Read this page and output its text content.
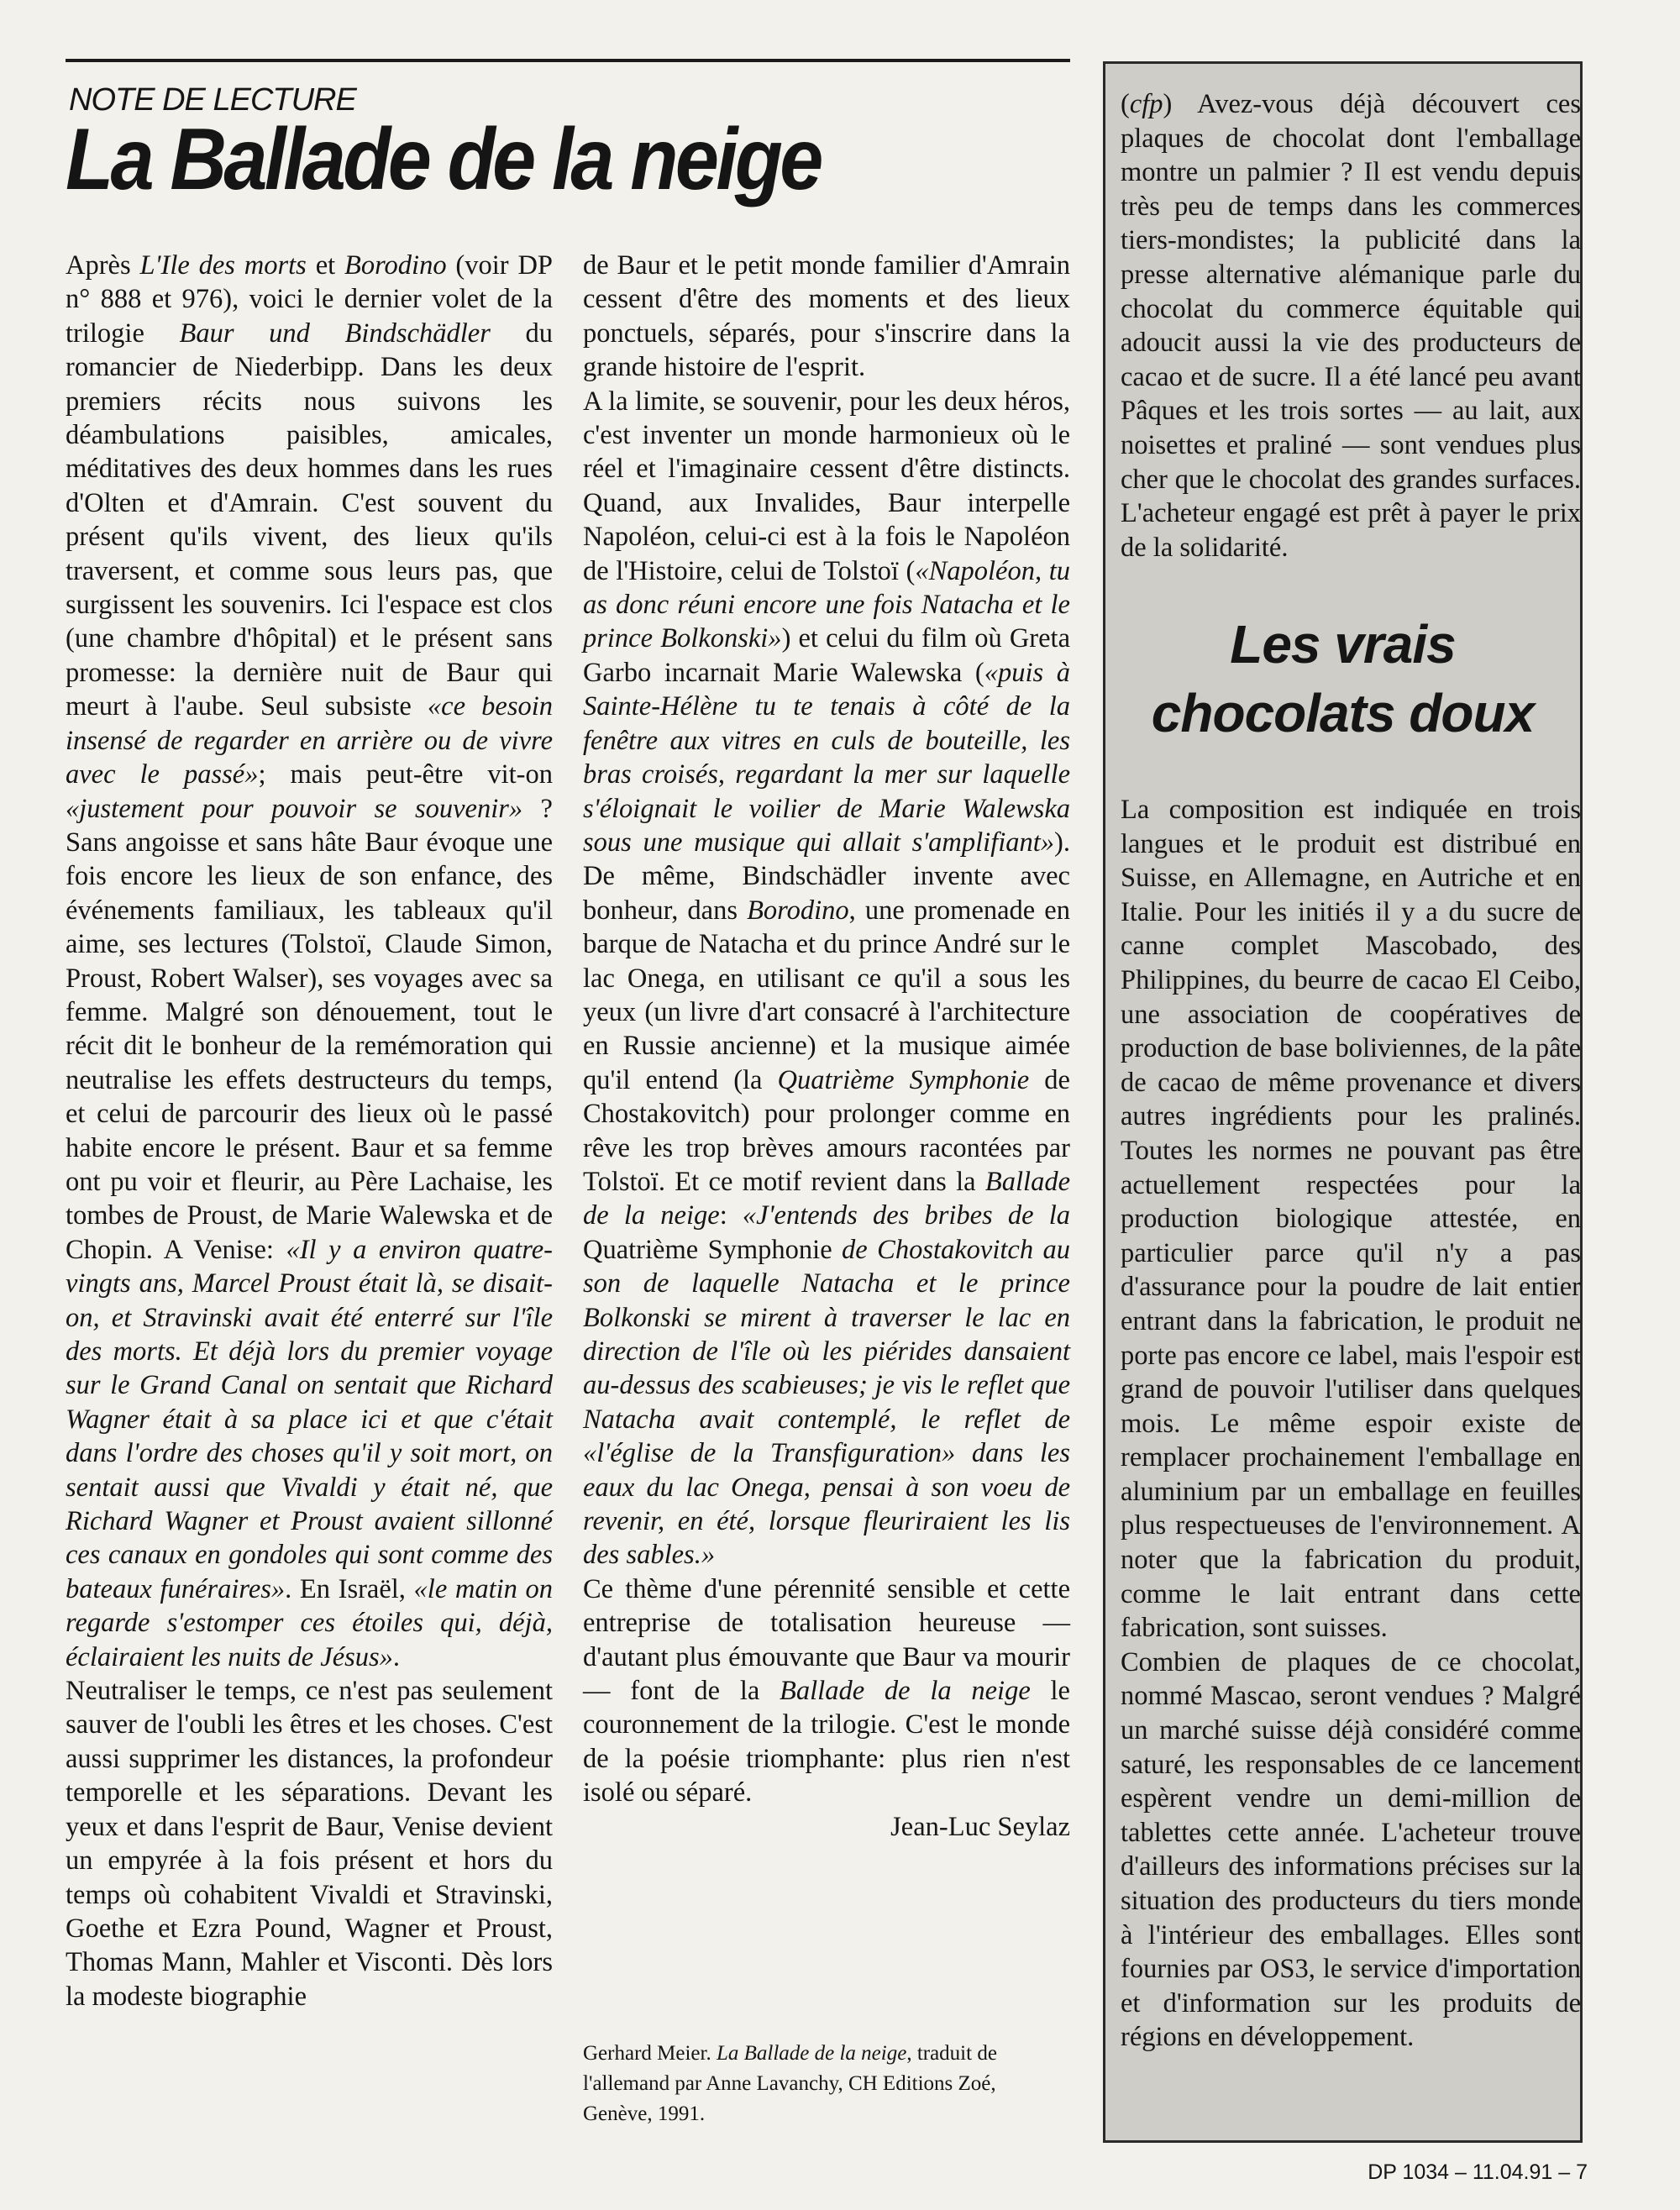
NOTE DE LECTURE
La Ballade de la neige

Après L'Ile des morts et Borodino (voir DP n° 888 et 976), voici le dernier volet de la trilogie Baur und Bindschädler du romancier de Niederbipp. Dans les deux premiers récits nous suivons les déambulations paisibles, amicales, méditatives des deux hommes dans les rues d'Olten et d'Amrain. C'est souvent du présent qu'ils vivent, des lieux qu'ils traversent, et comme sous leurs pas, que surgissent les souvenirs. Ici l'espace est clos (une chambre d'hôpital) et le présent sans promesse: la dernière nuit de Baur qui meurt à l'aube. Seul subsiste «ce besoin insensé de regarder en arrière ou de vivre avec le passé»; mais peut-être vit-on «justement pour pouvoir se souvenir» ? Sans angoisse et sans hâte Baur évoque une fois encore les lieux de son enfance, des événements familiaux, les tableaux qu'il aime, ses lectures (Tolstoï, Claude Simon, Proust, Robert Walser), ses voyages avec sa femme. Malgré son dénouement, tout le récit dit le bonheur de la remémoration qui neutralise les effets destructeurs du temps, et celui de parcourir des lieux où le passé habite encore le présent. Baur et sa femme ont pu voir et fleurir, au Père Lachaise, les tombes de Proust, de Marie Walewska et de Chopin. A Venise: «Il y a environ quatre-vingts ans, Marcel Proust était là, se disait-on, et Stravinski avait été enterré sur l'île des morts. Et déjà lors du premier voyage sur le Grand Canal on sentait que Richard Wagner était à sa place ici et que c'était dans l'ordre des choses qu'il y soit mort, on sentait aussi que Vivaldi y était né, que Richard Wagner et Proust avaient sillonné ces canaux en gondoles qui sont comme des bateaux funéraires». En Israël, «le matin on regarde s'estomper ces étoiles qui, déjà, éclairaient les nuits de Jésus».

Neutraliser le temps, ce n'est pas seulement sauver de l'oubli les êtres et les choses. C'est aussi supprimer les distances, la profondeur temporelle et les séparations. Devant les yeux et dans l'esprit de Baur, Venise devient un empyrée à la fois présent et hors du temps où cohabitent Vivaldi et Stravinski, Goethe et Ezra Pound, Wagner et Proust, Thomas Mann, Mahler et Visconti. Dès lors la modeste biographie

de Baur et le petit monde familier d'Amrain cessent d'être des moments et des lieux ponctuels, séparés, pour s'inscrire dans la grande histoire de l'esprit.

A la limite, se souvenir, pour les deux héros, c'est inventer un monde harmonieux où le réel et l'imaginaire cessent d'être distincts. Quand, aux Invalides, Baur interpelle Napoléon, celui-ci est à la fois le Napoléon de l'Histoire, celui de Tolstoï («Napoléon, tu as donc réuni encore une fois Natacha et le prince Bolkonski») et celui du film où Greta Garbo incarnait Marie Walewska («puis à Sainte-Hélène tu te tenais à côté de la fenêtre aux vitres en culs de bouteille, les bras croisés, regardant la mer sur laquelle s'éloignait le voilier de Marie Walewska sous une musique qui allait s'amplifiant»). De même, Bindschädler invente avec bonheur, dans Borodino, une promenade en barque de Natacha et du prince André sur le lac Onega, en utilisant ce qu'il a sous les yeux (un livre d'art consacré à l'architecture en Russie ancienne) et la musique aimée qu'il entend (la Quatrième Symphonie de Chostakovitch) pour prolonger comme en rêve les trop brèves amours racontées par Tolstoï. Et ce motif revient dans la Ballade de la neige: «J'entends des bribes de la Quatrième Symphonie de Chostakovitch au son de laquelle Natacha et le prince Bolkonski se mirent à traverser le lac en direction de l'île où les piérides dansaient au-dessus des scabieuses; je vis le reflet que Natacha avait contemplé, le reflet de «l'église de la Transfiguration» dans les eaux du lac Onega, pensai à son voeu de revenir, en été, lorsque fleuriraient les lis des sables.»

Ce thème d'une pérennité sensible et cette entreprise de totalisation heureuse — d'autant plus émouvante que Baur va mourir — font de la Ballade de la neige le couronnement de la trilogie. C'est le monde de la poésie triomphante: plus rien n'est isolé ou séparé.

Jean-Luc Seylaz

Gerhard Meier. La Ballade de la neige, traduit de l'allemand par Anne Lavanchy, CH Editions Zoé, Genève, 1991.

(cfp) Avez-vous déjà découvert ces plaques de chocolat dont l'emballage montre un palmier ? Il est vendu depuis très peu de temps dans les commerces tiers-mondistes; la publicité dans la presse alternative alémanique parle du chocolat du commerce équitable qui adoucit aussi la vie des producteurs de cacao et de sucre. Il a été lancé peu avant Pâques et les trois sortes — au lait, aux noisettes et praliné — sont vendues plus cher que le chocolat des grandes surfaces. L'acheteur engagé est prêt à payer le prix de la solidarité.

Les vrais
chocolats doux

La composition est indiquée en trois langues et le produit est distribué en Suisse, en Allemagne, en Autriche et en Italie. Pour les initiés il y a du sucre de canne complet Mascobado, des Philippines, du beurre de cacao El Ceibo, une association de coopératives de production de base boliviennes, de la pâte de cacao de même provenance et divers autres ingrédients pour les pralinés. Toutes les normes ne pouvant pas être actuellement respectées pour la production biologique attestée, en particulier parce qu'il n'y a pas d'assurance pour la poudre de lait entier entrant dans la fabrication, le produit ne porte pas encore ce label, mais l'espoir est grand de pouvoir l'utiliser dans quelques mois. Le même espoir existe de remplacer prochainement l'emballage en aluminium par un emballage en feuilles plus respectueuses de l'environnement. A noter que la fabrication du produit, comme le lait entrant dans cette fabrication, sont suisses.

Combien de plaques de ce chocolat, nommé Mascao, seront vendues ? Malgré un marché suisse déjà considéré comme saturé, les responsables de ce lancement espèrent vendre un demi-million de tablettes cette année. L'acheteur trouve d'ailleurs des informations précises sur la situation des producteurs du tiers monde à l'intérieur des emballages. Elles sont fournies par OS3, le service d'importation et d'information sur les produits de régions en développement.

DP 1034 – 11.04.91 – 7
